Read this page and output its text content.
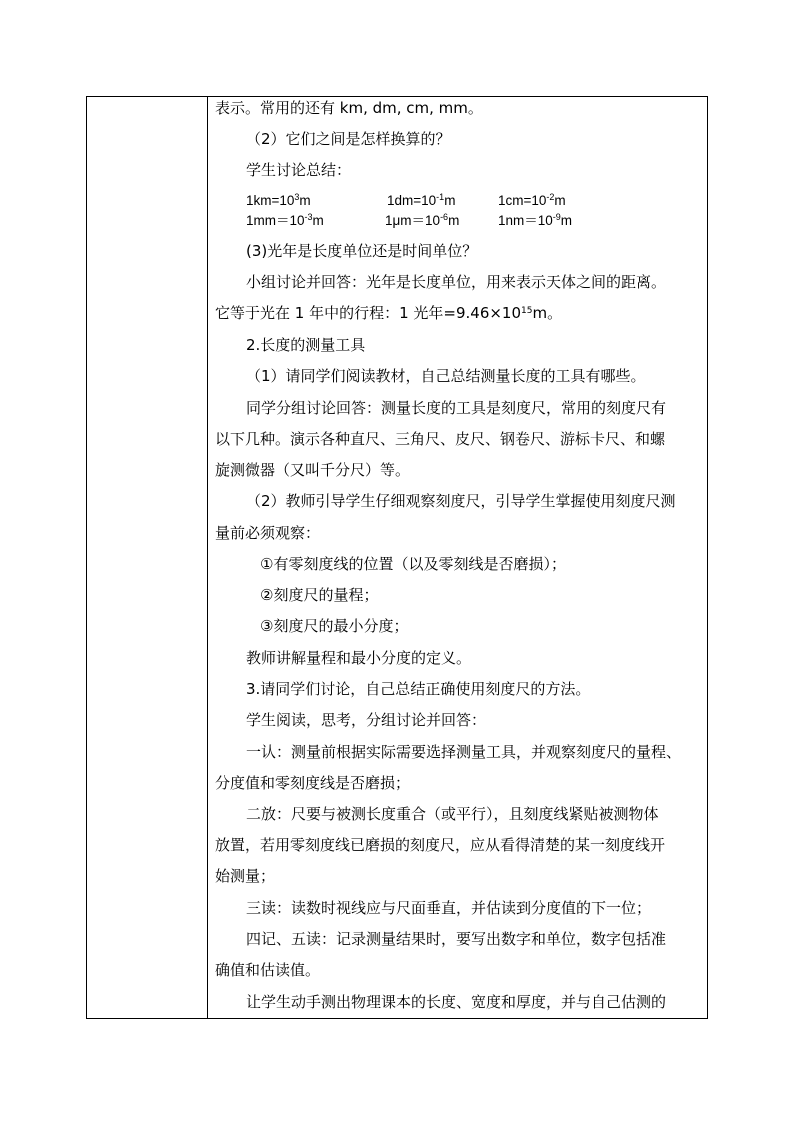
表示。常用的还有 km, dm, cm, mm。
（2）它们之间是怎样换算的？
学生讨论总结：
$1km=10^3m$	$1dm=10^{-1}m$	$1cm=10^{-2}m$
$1mm=10^{-3}m$	$1\mu m=10^{-6}m$	$1nm=10^{-9}m$
(3)光年是长度单位还是时间单位？
小组讨论并回答：光年是长度单位，用来表示天体之间的距离。
它等于光在 1 年中的行程：1 光年$=9.46\times 10^{15}m$。
2.长度的测量工具
（1）请同学们阅读教材，自己总结测量长度的工具有哪些。
同学分组讨论回答：测量长度的工具是刻度尺，常用的刻度尺有
以下几种。演示各种直尺、三角尺、皮尺、钢卷尺、游标卡尺、和螺
旋测微器（又叫千分尺）等。
（2）教师引导学生仔细观察刻度尺，引导学生掌握使用刻度尺测
量前必须观察：
①有零刻度线的位置（以及零刻线是否磨损）；
②刻度尺的量程；
③刻度尺的最小分度；
教师讲解量程和最小分度的定义。
3.请同学们讨论，自己总结正确使用刻度尺的方法。
学生阅读，思考，分组讨论并回答：
一认：测量前根据实际需要选择测量工具，并观察刻度尺的量程、
分度值和零刻度线是否磨损；
二放：尺要与被测长度重合（或平行），且刻度线紧贴被测物体
放置，若用零刻度线已磨损的刻度尺，应从看得清楚的某一刻度线开
始测量；
三读：读数时视线应与尺面垂直，并估读到分度值的下一位；
四记、五读：记录测量结果时，要写出数字和单位，数字包括准
确值和估读值。
让学生动手测出物理课本的长度、宽度和厚度，并与自己估测的
